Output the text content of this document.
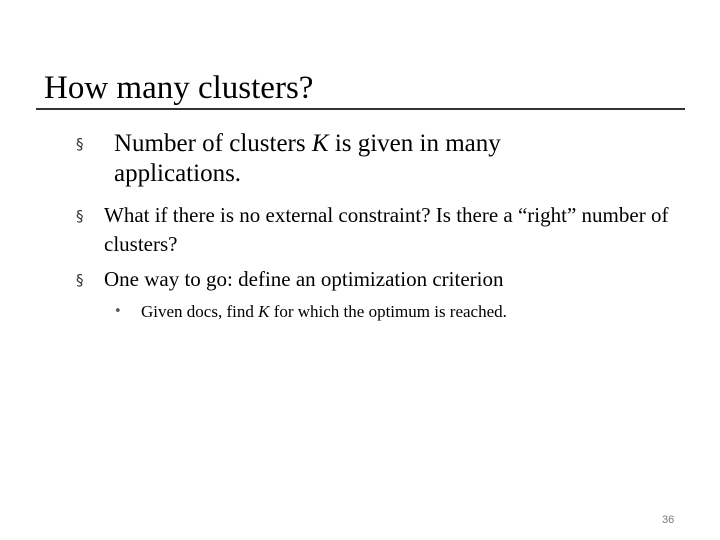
How many clusters?
§	Number of clusters K is given in many applications.
§ What if there is no external constraint? Is there a “right” number of clusters?
§ One way to go: define an optimization criterion
•	Given docs, find K for which the optimum is reached.
36
